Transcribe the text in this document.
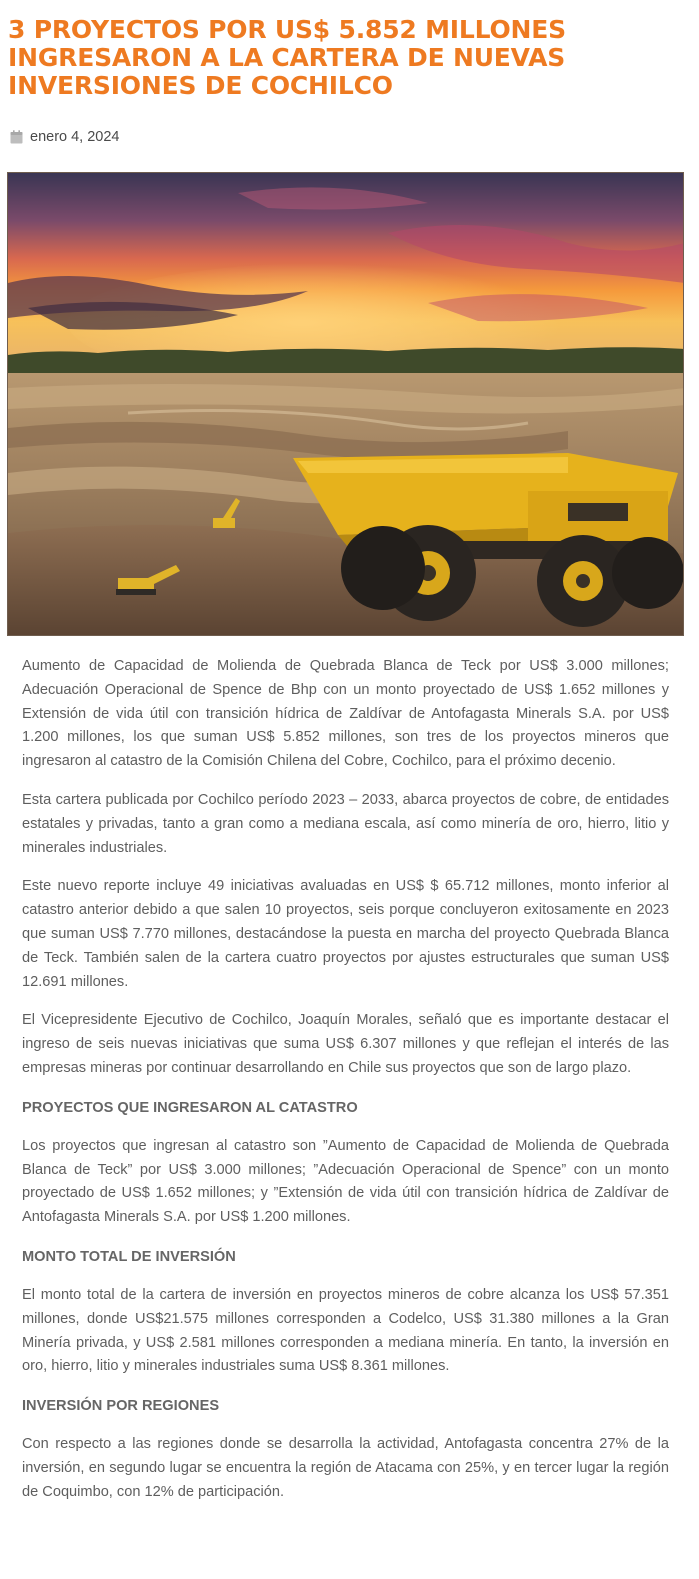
3 PROYECTOS POR US$ 5.852 MILLONES
INGRESARON A LA CARTERA DE NUEVAS
INVERSIONES DE COCHILCO
enero 4, 2024

Aumento de Capacidad de Molienda de Quebrada Blanca de Teck por US$ 3.000 millones; Adecuación Operacional de Spence de Bhp con un monto proyectado de US$ 1.652 millones y Extensión de vida útil con transición hídrica de Zaldívar de Antofagasta Minerals S.A. por US$ 1.200 millones, los que suman US$ 5.852 millones, son tres de los proyectos mineros que ingresaron al catastro de la Comisión Chilena del Cobre, Cochilco, para el próximo decenio.

Esta cartera publicada por Cochilco período 2023 – 2033, abarca proyectos de cobre, de entidades estatales y privadas, tanto a gran como a mediana escala, así como minería de oro, hierro, litio y minerales industriales.

Este nuevo reporte incluye 49 iniciativas avaluadas en US$ $ 65.712 millones, monto inferior al catastro anterior debido a que salen 10 proyectos, seis porque concluyeron exitosamente en 2023 que suman US$ 7.770 millones, destacándose la puesta en marcha del proyecto Quebrada Blanca de Teck. También salen de la cartera cuatro proyectos por ajustes estructurales que suman US$ 12.691 millones.

El Vicepresidente Ejecutivo de Cochilco, Joaquín Morales, señaló que es importante destacar el ingreso de seis nuevas iniciativas que suma US$ 6.307 millones y que reflejan el interés de las empresas mineras por continuar desarrollando en Chile sus proyectos que son de largo plazo.

PROYECTOS QUE INGRESARON AL CATASTRO

Los proyectos que ingresan al catastro son ”Aumento de Capacidad de Molienda de Quebrada Blanca de Teck” por US$ 3.000 millones; ”Adecuación Operacional de Spence” con un monto proyectado de US$ 1.652 millones; y ”Extensión de vida útil con transición hídrica de Zaldívar de Antofagasta Minerals S.A. por US$ 1.200 millones.

MONTO TOTAL DE INVERSIÓN

El monto total de la cartera de inversión en proyectos mineros de cobre alcanza los US$ 57.351 millones, donde US$21.575 millones corresponden a Codelco, US$ 31.380 millones a la Gran Minería privada, y US$ 2.581 millones corresponden a mediana minería. En tanto, la inversión en oro, hierro, litio y minerales industriales suma US$ 8.361 millones.

INVERSIÓN POR REGIONES

Con respecto a las regiones donde se desarrolla la actividad, Antofagasta concentra 27% de la inversión, en segundo lugar se encuentra la región de Atacama con 25%, y en tercer lugar la región de Coquimbo, con 12% de participación.
